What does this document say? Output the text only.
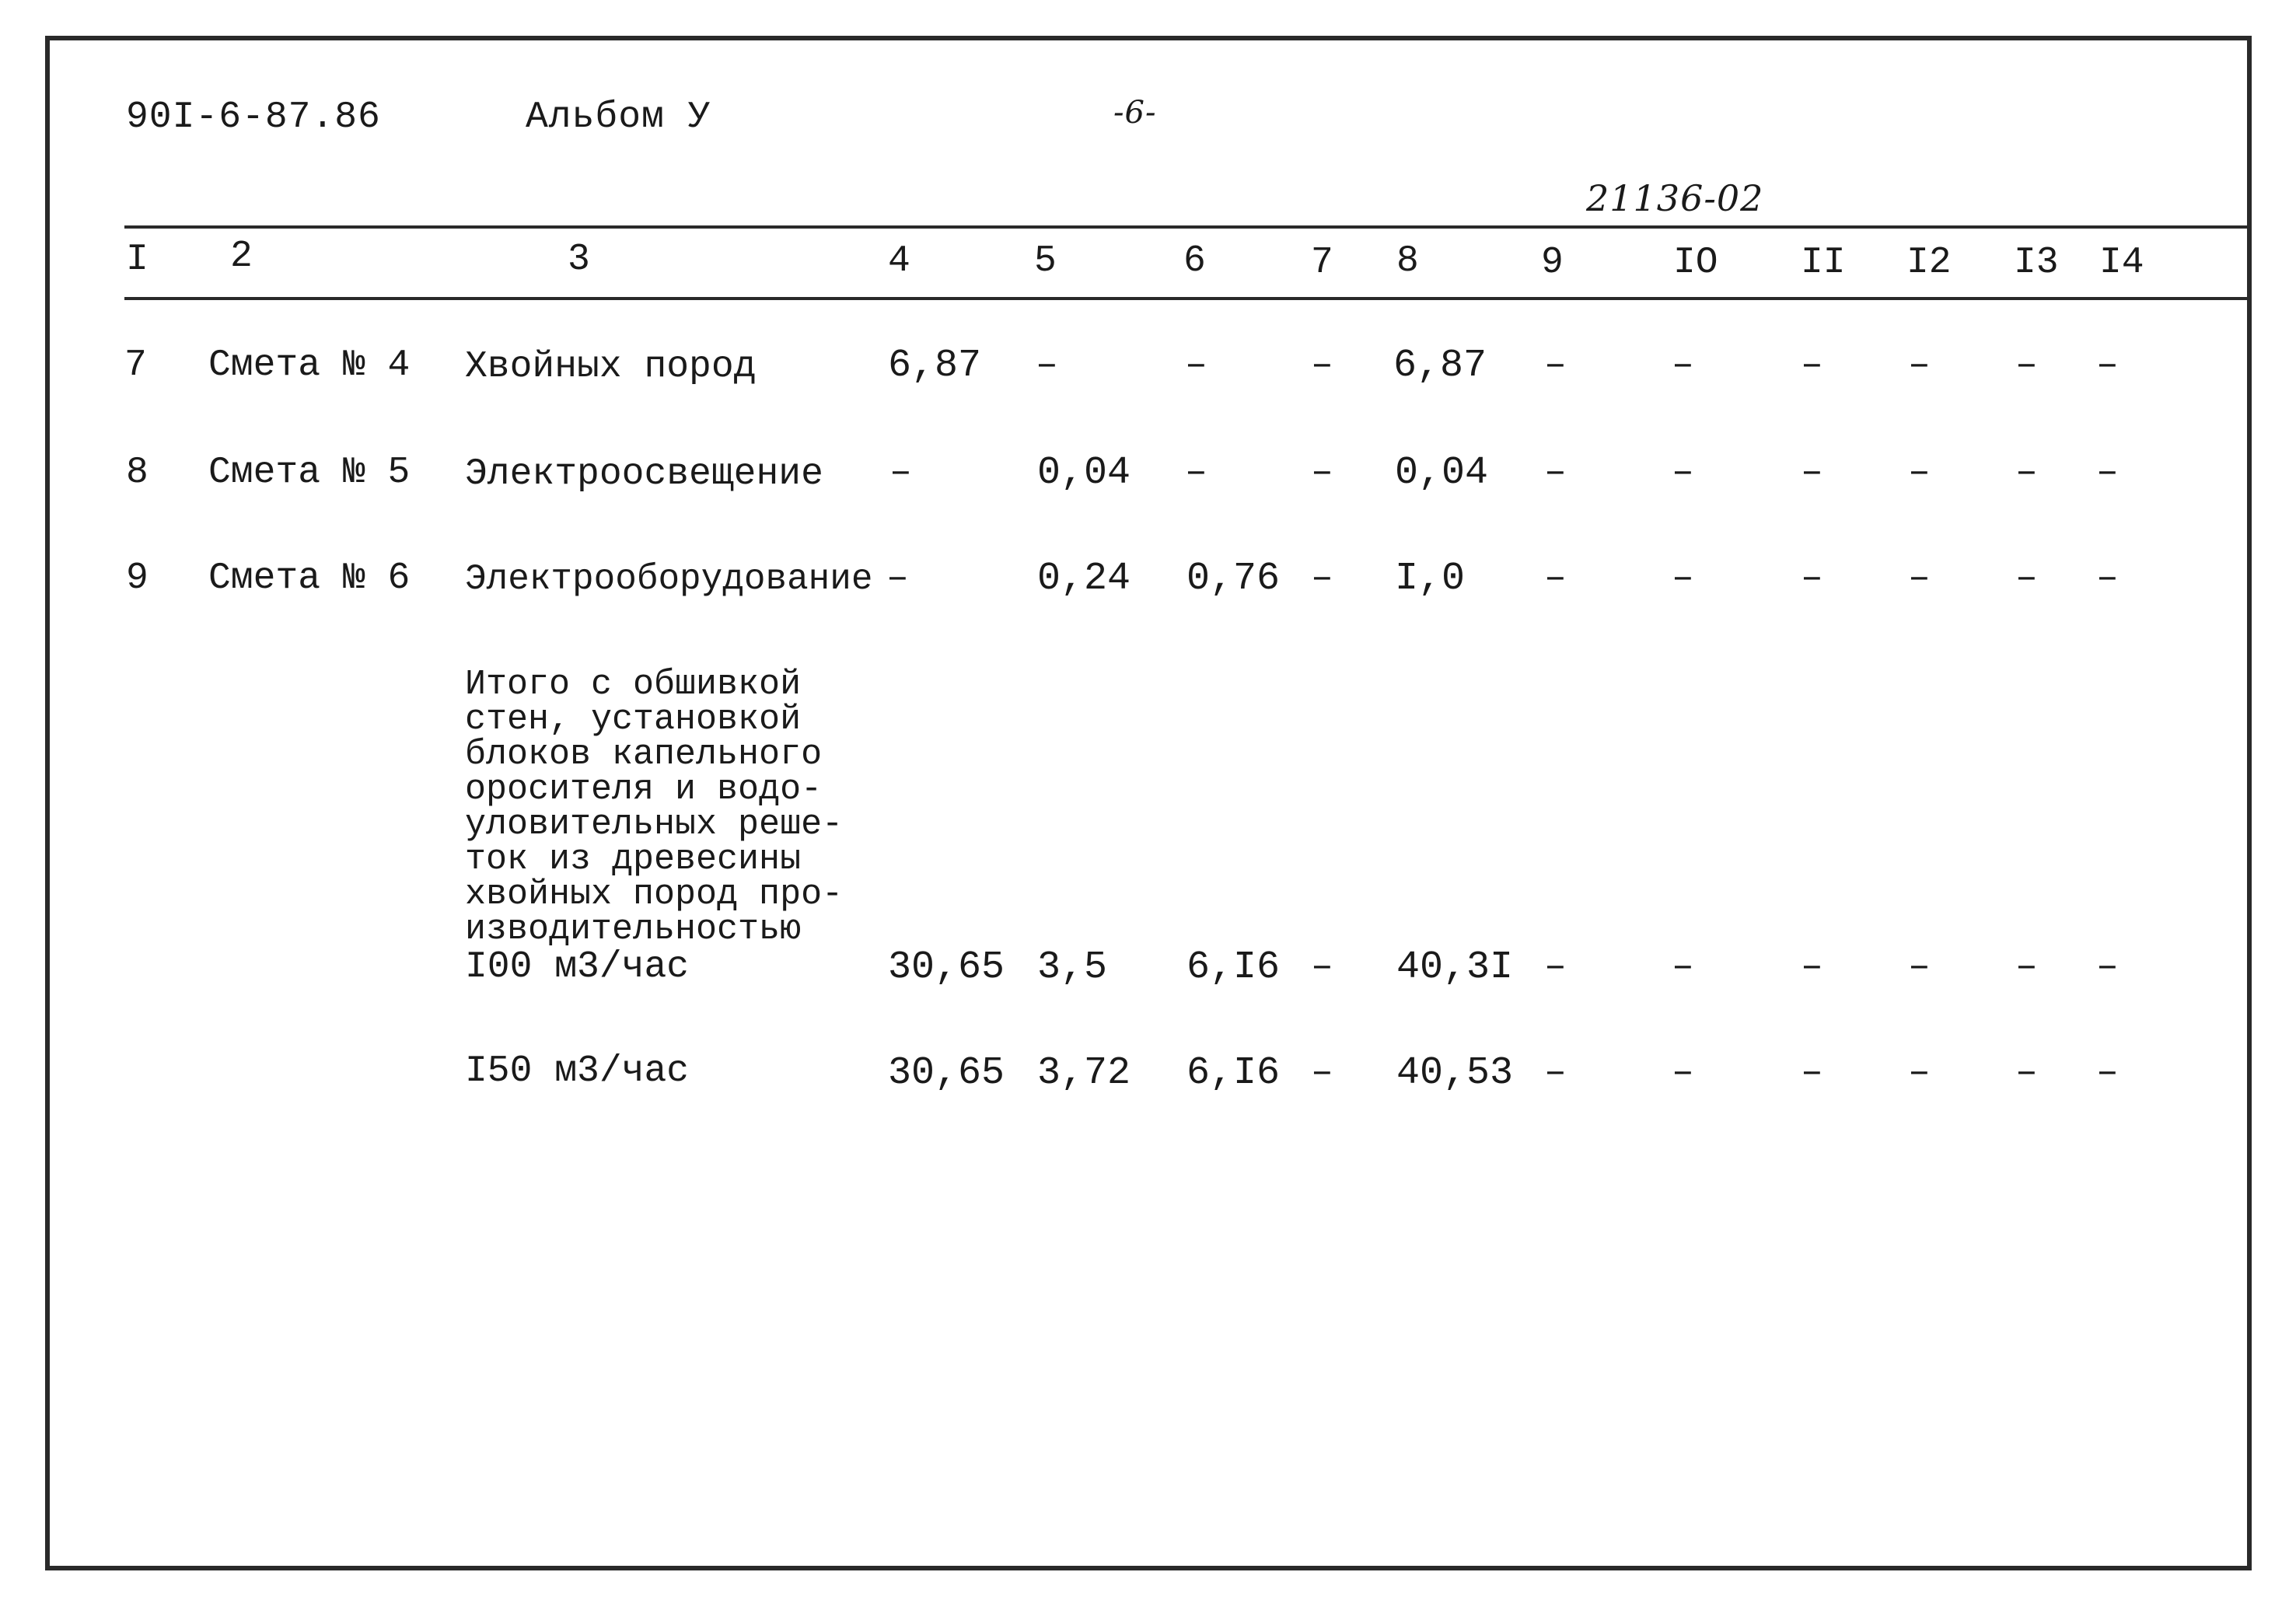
90I-6-87.86	Альбом У	-6-
21136-02
I 2	3	4	5	6	7 8	9	IO II I2 I3 I4
7 Смета № 4 Хвойных пород	6,87 –	–	– 6,87 –	–	– – – –
8 Смета № 5 Электроосвещение –	0,04 –	– 0,04 –	–	– – – –
9 Смета № 6 Электрооборудование –	0,24 0,76 – I,0 –	–	– – – –
Итого с обшивкой
стен, установкой
блоков капельного
оросителя и водо-
уловительных реше-
ток из древесины
хвойных пород про-
изводительностью
I00 м3/час	30,65 3,5 6,I6 – 40,3I –	–	– – – –
I50 м3/час	30,65 3,72 6,I6 – 40,53 –	–	– – – –
